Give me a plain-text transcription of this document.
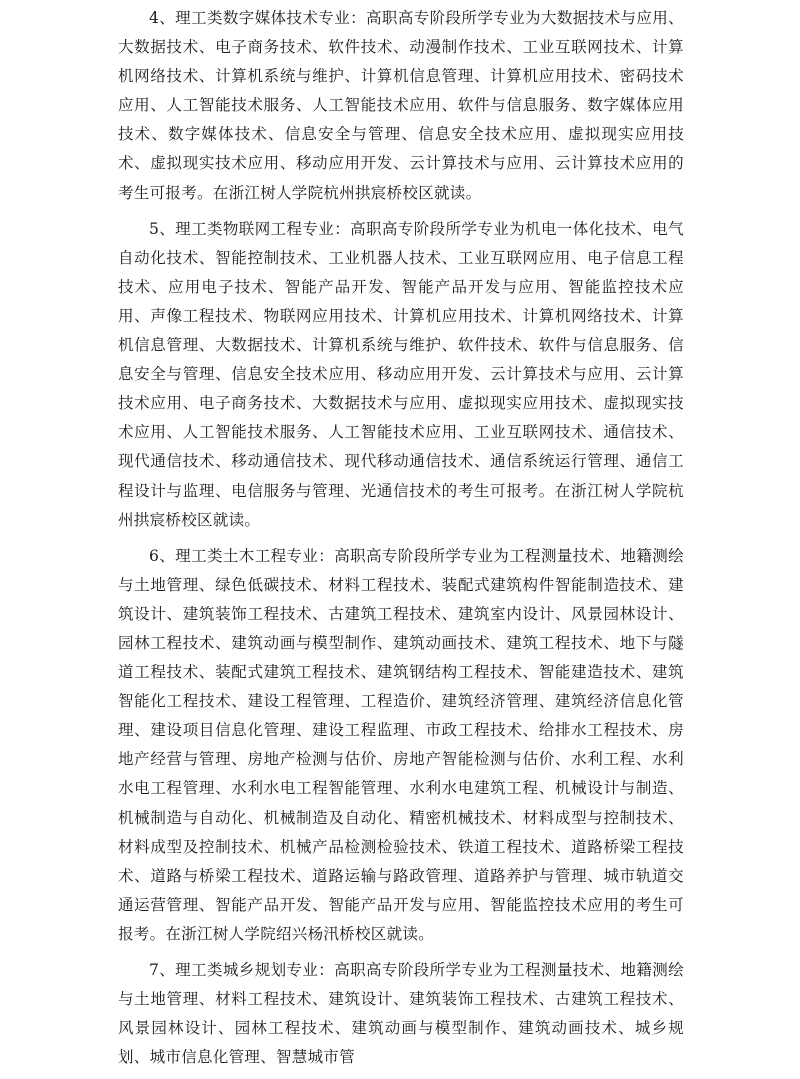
4、理工类数字媒体技术专业：高职高专阶段所学专业为大数据技术与应用、大数据技术、电子商务技术、软件技术、动漫制作技术、工业互联网技术、计算机网络技术、计算机系统与维护、计算机信息管理、计算机应用技术、密码技术应用、人工智能技术服务、人工智能技术应用、软件与信息服务、数字媒体应用技术、数字媒体技术、信息安全与管理、信息安全技术应用、虚拟现实应用技术、虚拟现实技术应用、移动应用开发、云计算技术与应用、云计算技术应用的考生可报考。在浙江树人学院杭州拱宸桥校区就读。

5、理工类物联网工程专业：高职高专阶段所学专业为机电一体化技术、电气自动化技术、智能控制技术、工业机器人技术、工业互联网应用、电子信息工程技术、应用电子技术、智能产品开发、智能产品开发与应用、智能监控技术应用、声像工程技术、物联网应用技术、计算机应用技术、计算机网络技术、计算机信息管理、大数据技术、计算机系统与维护、软件技术、软件与信息服务、信息安全与管理、信息安全技术应用、移动应用开发、云计算技术与应用、云计算技术应用、电子商务技术、大数据技术与应用、虚拟现实应用技术、虚拟现实技术应用、人工智能技术服务、人工智能技术应用、工业互联网技术、通信技术、现代通信技术、移动通信技术、现代移动通信技术、通信系统运行管理、通信工程设计与监理、电信服务与管理、光通信技术的考生可报考。在浙江树人学院杭州拱宸桥校区就读。

6、理工类土木工程专业：高职高专阶段所学专业为工程测量技术、地籍测绘与土地管理、绿色低碳技术、材料工程技术、装配式建筑构件智能制造技术、建筑设计、建筑装饰工程技术、古建筑工程技术、建筑室内设计、风景园林设计、园林工程技术、建筑动画与模型制作、建筑动画技术、建筑工程技术、地下与隧道工程技术、装配式建筑工程技术、建筑钢结构工程技术、智能建造技术、建筑智能化工程技术、建设工程管理、工程造价、建筑经济管理、建筑经济信息化管理、建设项目信息化管理、建设工程监理、市政工程技术、给排水工程技术、房地产经营与管理、房地产检测与估价、房地产智能检测与估价、水利工程、水利水电工程管理、水利水电工程智能管理、水利水电建筑工程、机械设计与制造、机械制造与自动化、机械制造及自动化、精密机械技术、材料成型与控制技术、材料成型及控制技术、机械产品检测检验技术、铁道工程技术、道路桥梁工程技术、道路与桥梁工程技术、道路运输与路政管理、道路养护与管理、城市轨道交通运营管理、智能产品开发、智能产品开发与应用、智能监控技术应用的考生可报考。在浙江树人学院绍兴杨汛桥校区就读。

7、理工类城乡规划专业：高职高专阶段所学专业为工程测量技术、地籍测绘与土地管理、材料工程技术、建筑设计、建筑装饰工程技术、古建筑工程技术、风景园林设计、园林工程技术、建筑动画与模型制作、建筑动画技术、城乡规划、城市信息化管理、智慧城市管
